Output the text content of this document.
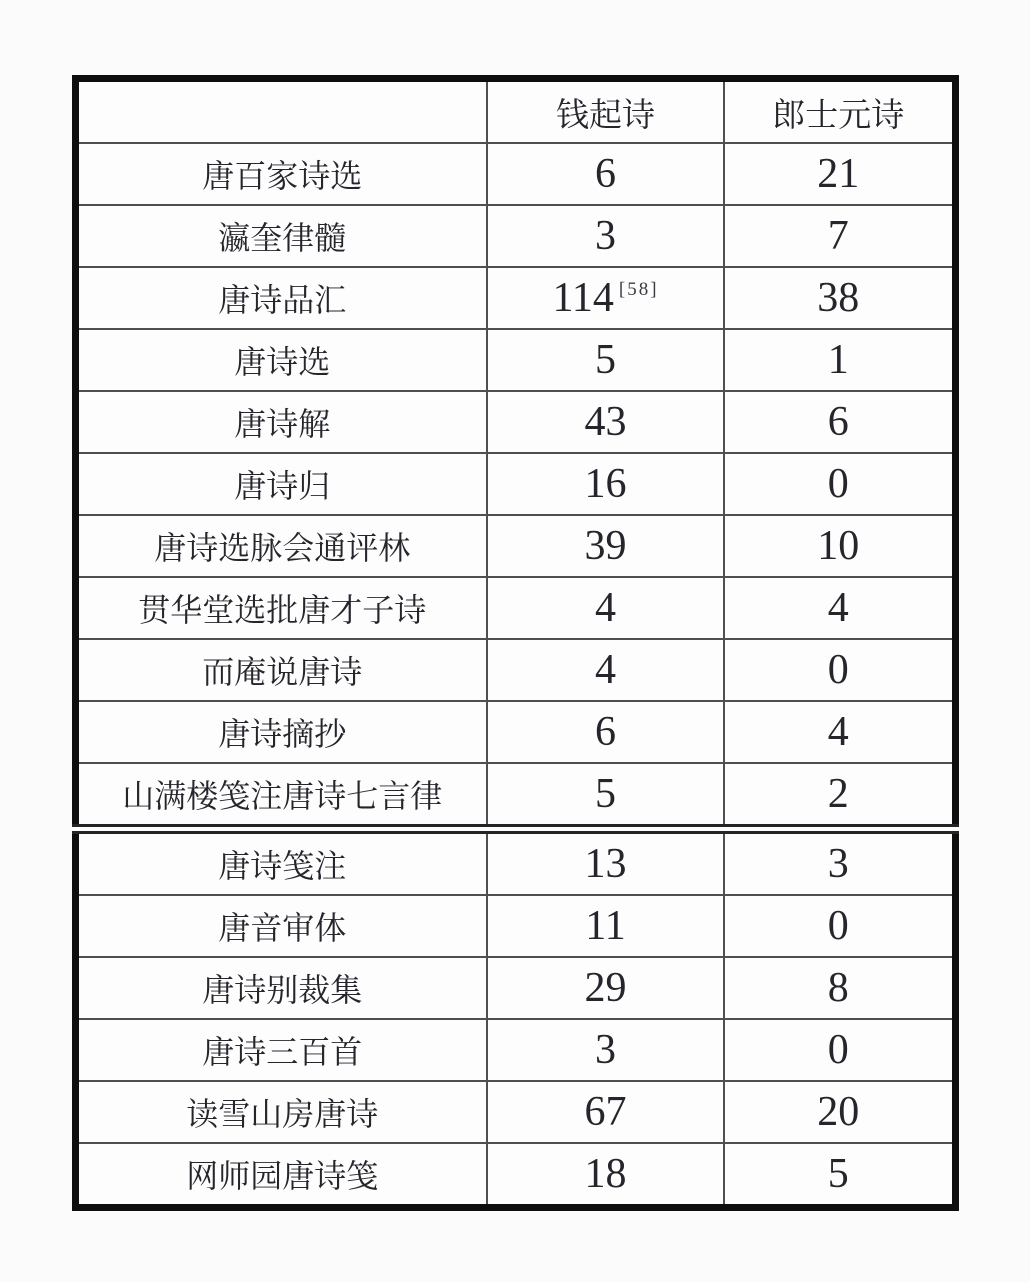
	钱起诗	郎士元诗
唐百家诗选	6	21
瀛奎律髓	3	7
唐诗品汇	114 [58]	38
唐诗选	5	1
唐诗解	43	6
唐诗归	16	0
唐诗选脉会通评林	39	10
贯华堂选批唐才子诗	4	4
而庵说唐诗	4	0
唐诗摘抄	6	4
山满楼笺注唐诗七言律	5	2
唐诗笺注	13	3
唐音审体	11	0
唐诗别裁集	29	8
唐诗三百首	3	0
读雪山房唐诗	67	20
网师园唐诗笺	18	5
